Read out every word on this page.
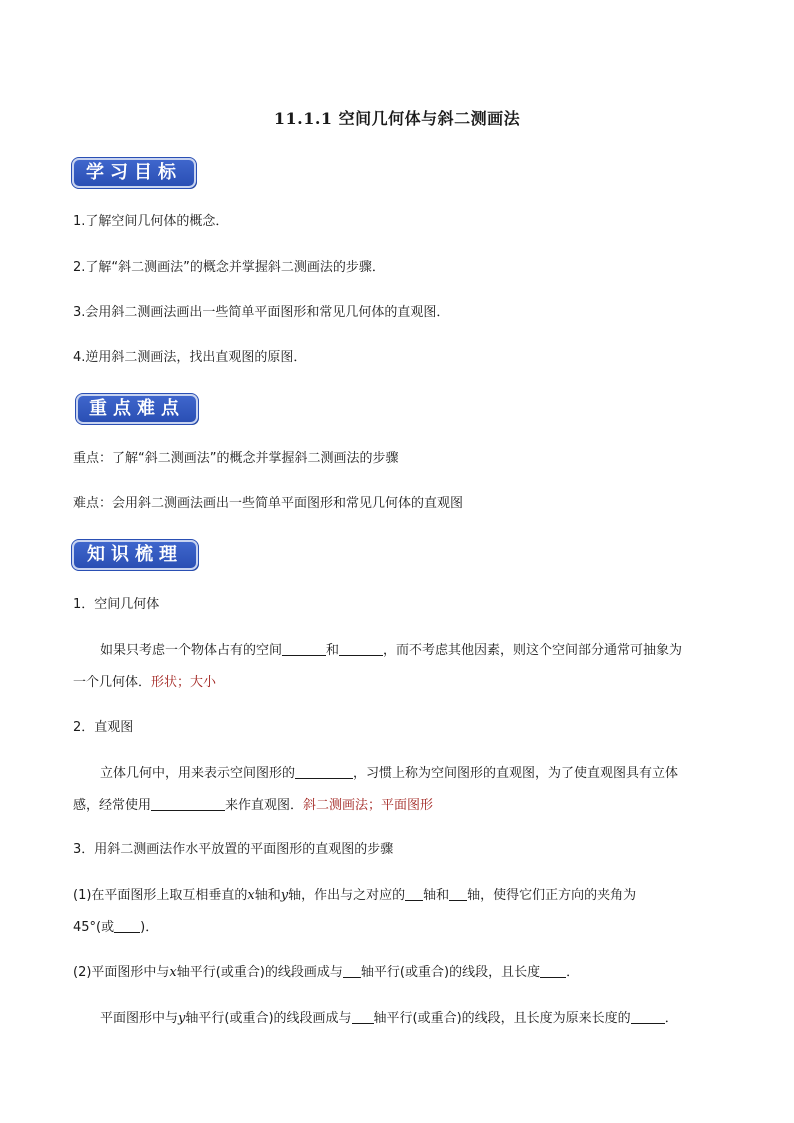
11.1.1 空间几何体与斜二测画法
学习目标
1.了解空间几何体的概念．
2.了解“斜二测画法”的概念并掌握斜二测画法的步骤．
3.会用斜二测画法画出一些简单平面图形和常见几何体的直观图．
4.逆用斜二测画法，找出直观图的原图．
重点难点
重点：了解“斜二测画法”的概念并掌握斜二测画法的步骤
难点：会用斜二测画法画出一些简单平面图形和常见几何体的直观图
知识梳理
1．空间几何体
如果只考虑一个物体占有的空间	和	，而不考虑其他因素，则这个空间部分通常可抽象为
一个几何体．形状；大小
2．直观图
立体几何中，用来表示空间图形的	，习惯上称为空间图形的直观图，为了使直观图具有立体
感，经常使用	来作直观图．斜二测画法；平面图形
3．用斜二测画法作水平放置的平面图形的直观图的步骤
(1)在平面图形上取互相垂直的x轴和y轴，作出与之对应的 轴和 轴，使得它们正方向的夹角为
45°(或 )．
(2)平面图形中与x轴平行(或重合)的线段画成与 轴平行(或重合)的线段，且长度 ．
平面图形中与y轴平行(或重合)的线段画成与 轴平行(或重合)的线段，且长度为原来长度的	．
